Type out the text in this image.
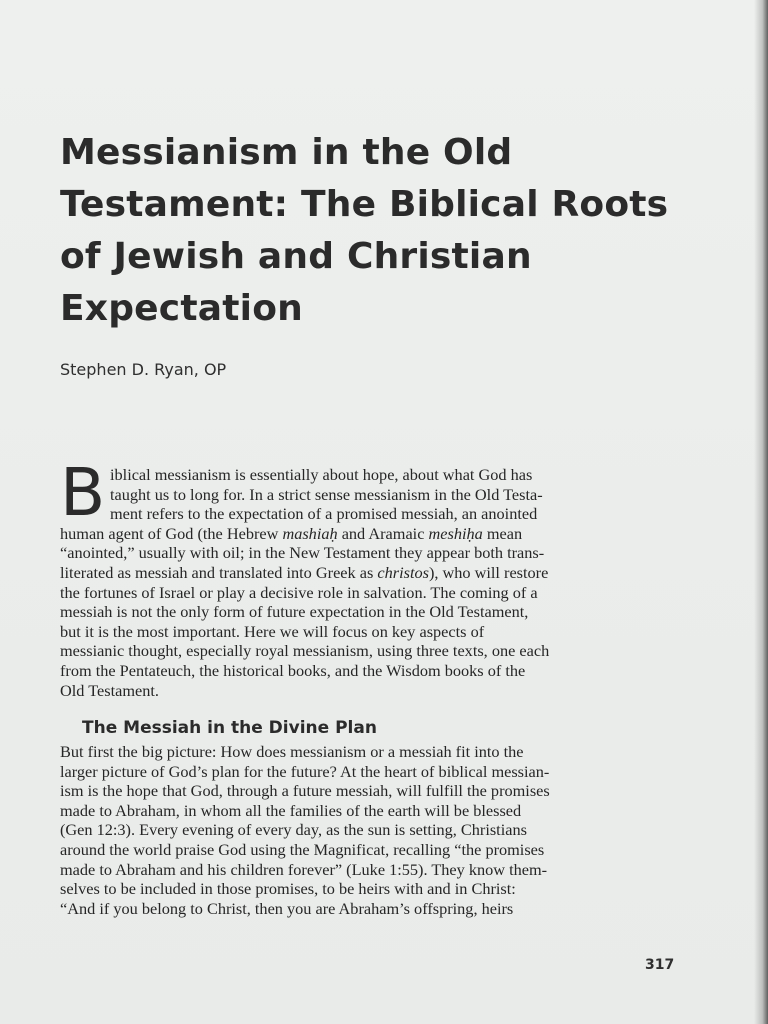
Messianism in the Old
Testament: The Biblical Roots
of Jewish and Christian
Expectation
Stephen D. Ryan, OP
B iblical messianism is essentially about hope, about what God has
taught us to long for. In a strict sense messianism in the Old Testa-
ment refers to the expectation of a promised messiah, an anointed
human agent of God (the Hebrew mashiaḥ and Aramaic meshiḥa mean
“anointed,” usually with oil; in the New Testament they appear both trans-
literated as messiah and translated into Greek as christos), who will restore
the fortunes of Israel or play a decisive role in salvation. The coming of a
messiah is not the only form of future expectation in the Old Testament,
but it is the most important. Here we will focus on key aspects of
messianic thought, especially royal messianism, using three texts, one each
from the Pentateuch, the historical books, and the Wisdom books of the
Old Testament.
The Messiah in the Divine Plan
But first the big picture: How does messianism or a messiah fit into the
larger picture of God’s plan for the future? At the heart of biblical messian-
ism is the hope that God, through a future messiah, will fulfill the promises
made to Abraham, in whom all the families of the earth will be blessed
(Gen 12:3). Every evening of every day, as the sun is setting, Christians
around the world praise God using the Magnificat, recalling “the promises
made to Abraham and his children forever” (Luke 1:55). They know them-
selves to be included in those promises, to be heirs with and in Christ:
“And if you belong to Christ, then you are Abraham’s offspring, heirs
317
